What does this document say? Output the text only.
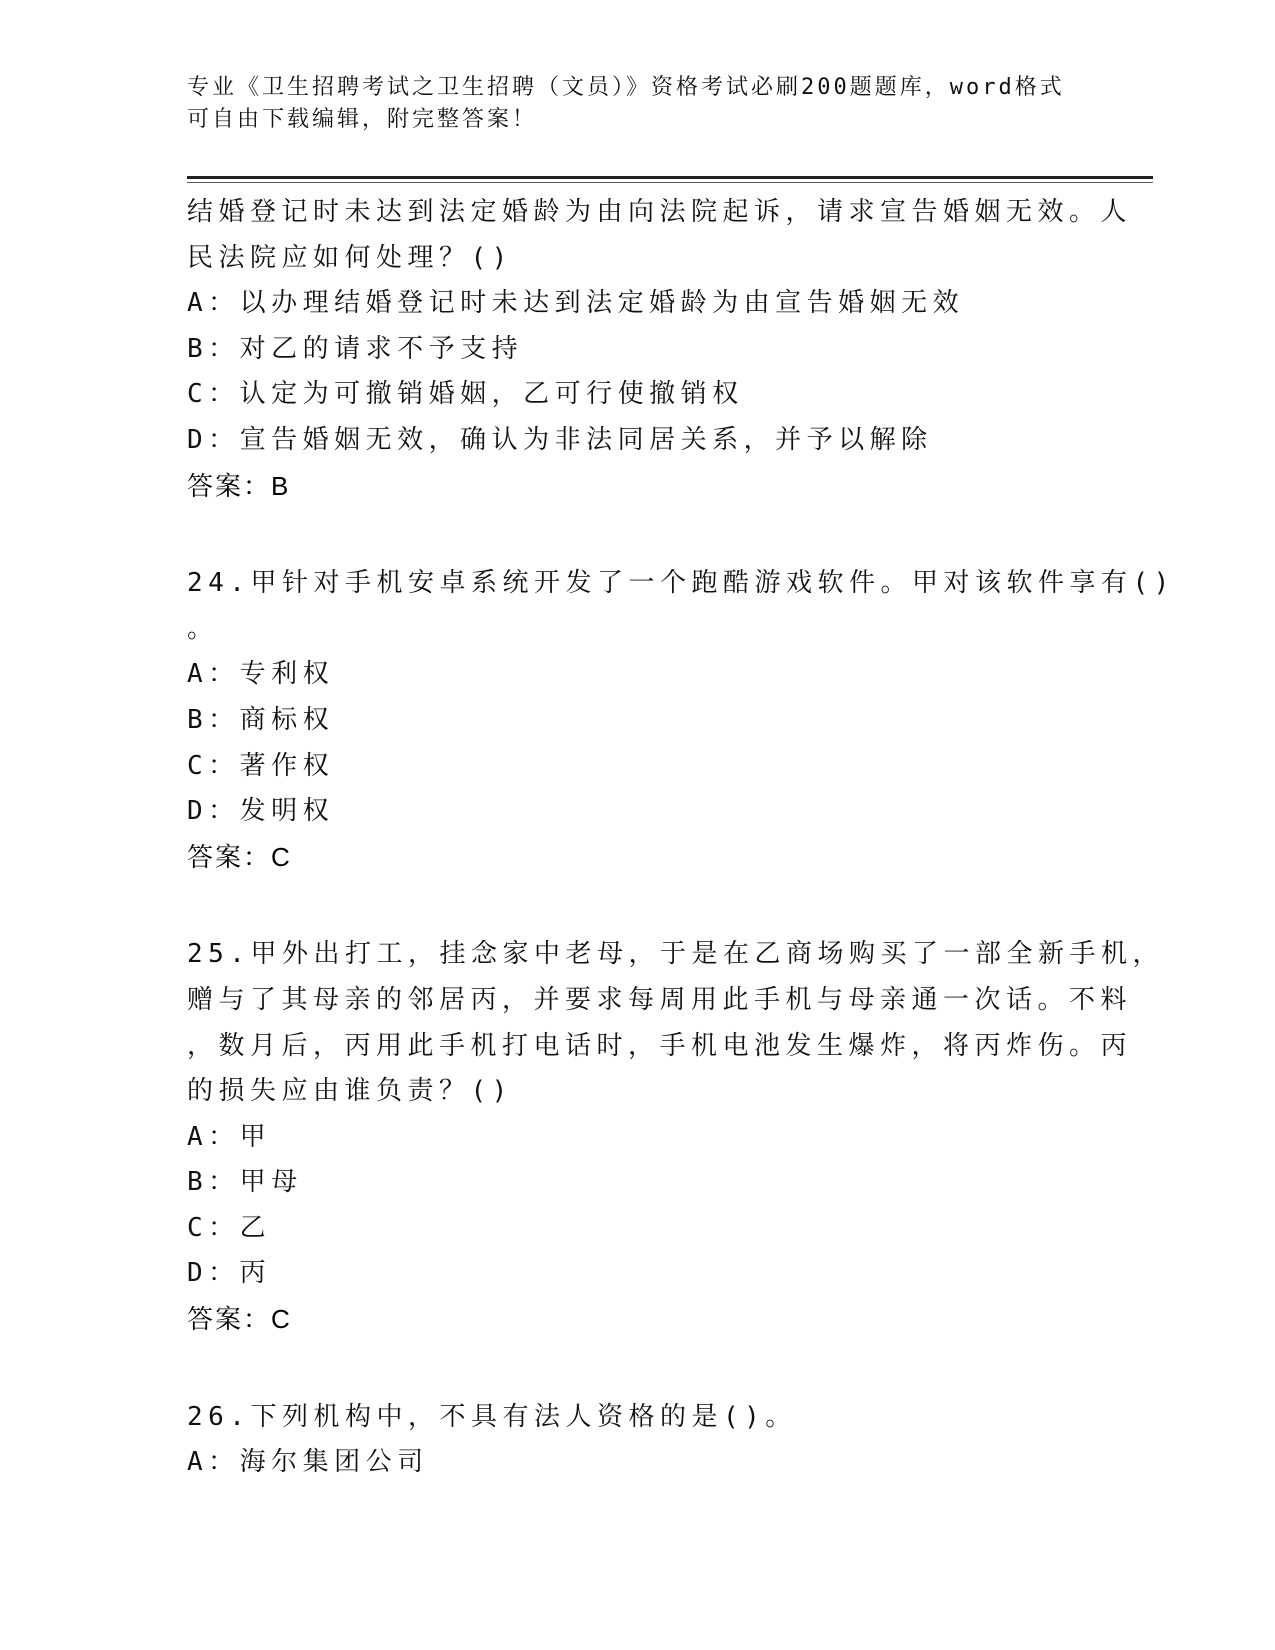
专业《卫生招聘考试之卫生招聘（文员）》资格考试必刷200题题库，word格式
可自由下载编辑，附完整答案！
结婚登记时未达到法定婚龄为由向法院起诉，请求宣告婚姻无效。人
民法院应如何处理？()
A：以办理结婚登记时未达到法定婚龄为由宣告婚姻无效
B：对乙的请求不予支持
C：认定为可撤销婚姻，乙可行使撤销权
D：宣告婚姻无效，确认为非法同居关系，并予以解除
答案：B
24.甲针对手机安卓系统开发了一个跑酷游戏软件。甲对该软件享有()
。
A：专利权
B：商标权
C：著作权
D：发明权
答案：C
25.甲外出打工，挂念家中老母，于是在乙商场购买了一部全新手机，
赠与了其母亲的邻居丙，并要求每周用此手机与母亲通一次话。不料
，数月后，丙用此手机打电话时，手机电池发生爆炸，将丙炸伤。丙
的损失应由谁负责？()
A：甲
B：甲母
C：乙
D：丙
答案：C
26.下列机构中，不具有法人资格的是()。
A：海尔集团公司
